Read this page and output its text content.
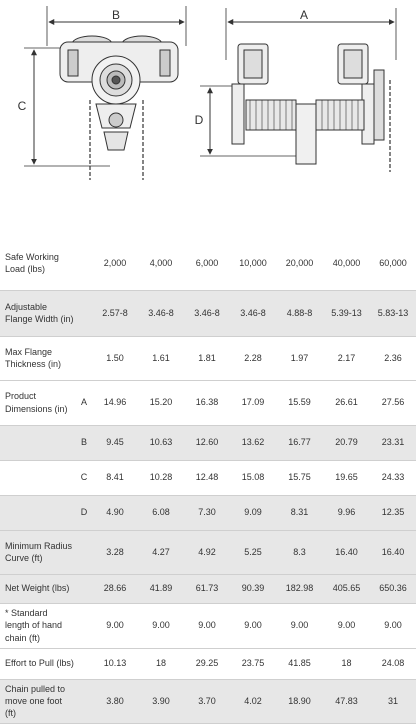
B	A
C
D
Safe Working Load (lbs)		2,000	4,000	6,000	10,000	20,000	40,000	60,000
Adjustable Flange Width (in)		2.57-8	3.46-8	3.46-8	3.46-8	4.88-8	5.39-13	5.83-13
Max Flange Thickness (in)		1.50	1.61	1.81	2.28	1.97	2.17	2.36
Product Dimensions (in)	A	14.96	15.20	16.38	17.09	15.59	26.61	27.56
	B	9.45	10.63	12.60	13.62	16.77	20.79	23.31
	C	8.41	10.28	12.48	15.08	15.75	19.65	24.33
	D	4.90	6.08	7.30	9.09	8.31	9.96	12.35
Minimum Radius Curve (ft)		3.28	4.27	4.92	5.25	8.3	16.40	16.40
Net Weight (lbs)		28.66	41.89	61.73	90.39	182.98	405.65	650.36
* Standard length of hand chain (ft)		9.00	9.00	9.00	9.00	9.00	9.00	9.00
Effort to Pull (lbs)		10.13	18	29.25	23.75	41.85	18	24.08
Chain pulled to move one foot (ft)		3.80	3.90	3.70	4.02	18.90	47.83	31
